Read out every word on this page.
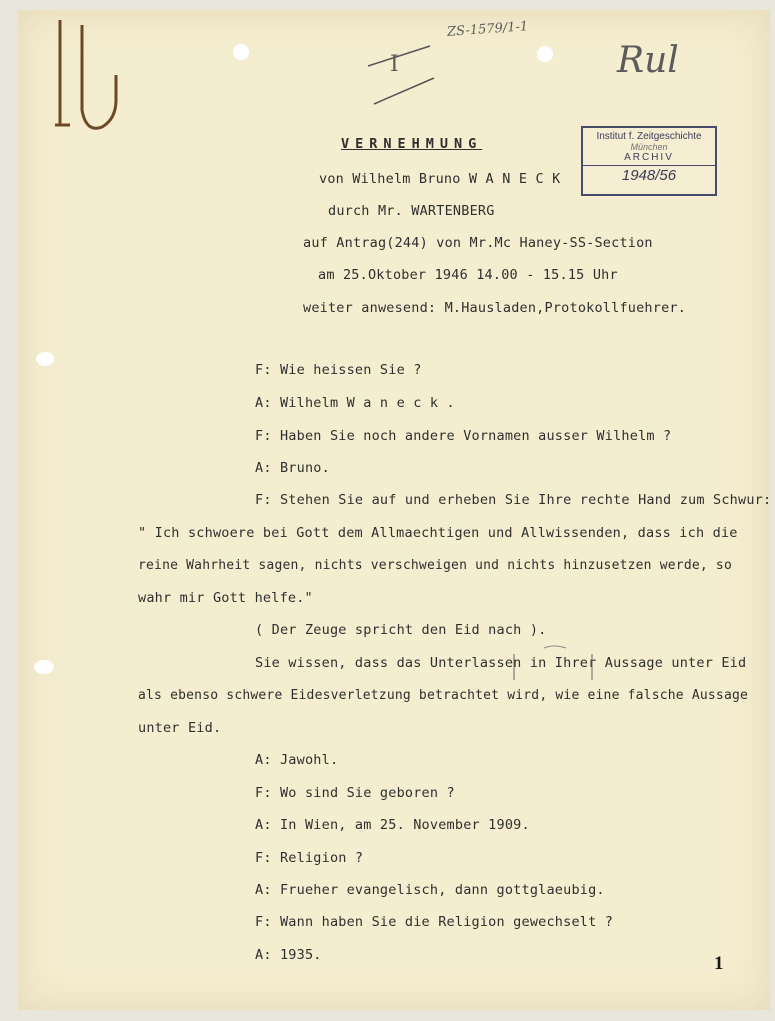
ZS-1579/1-1
I	Rul
Institut f. Zeitgeschichte
München
ARCHIV
1948/56
VERNEHMUNG
von Wilhelm Bruno W A N E C K
durch Mr. WARTENBERG
auf Antrag(244) von Mr.Mc Haney-SS-Section
am 25.Oktober 1946 14.00 - 15.15 Uhr
weiter anwesend: M.Hausladen,Protokollfuehrer.
F: Wie heissen Sie ?
A: Wilhelm W a n e c k .
F: Haben Sie noch andere Vornamen ausser Wilhelm ?
A: Bruno.
F: Stehen Sie auf und erheben Sie Ihre rechte Hand zum Schwur:
" Ich schwoere bei Gott dem Allmaechtigen und Allwissenden, dass ich die
reine Wahrheit sagen, nichts verschweigen und nichts hinzusetzen werde, so
wahr mir Gott helfe."
( Der Zeuge spricht den Eid nach ).
Sie wissen, dass das Unterlassen in Ihrer Aussage unter Eid
als ebenso schwere Eidesverletzung betrachtet wird, wie eine falsche Aussage
unter Eid.
A: Jawohl.
F: Wo sind Sie geboren ?
A: In Wien, am 25. November 1909.
F: Religion ?
A: Frueher evangelisch, dann gottglaeubig.
F: Wann haben Sie die Religion gewechselt ?
A: 1935.	1
